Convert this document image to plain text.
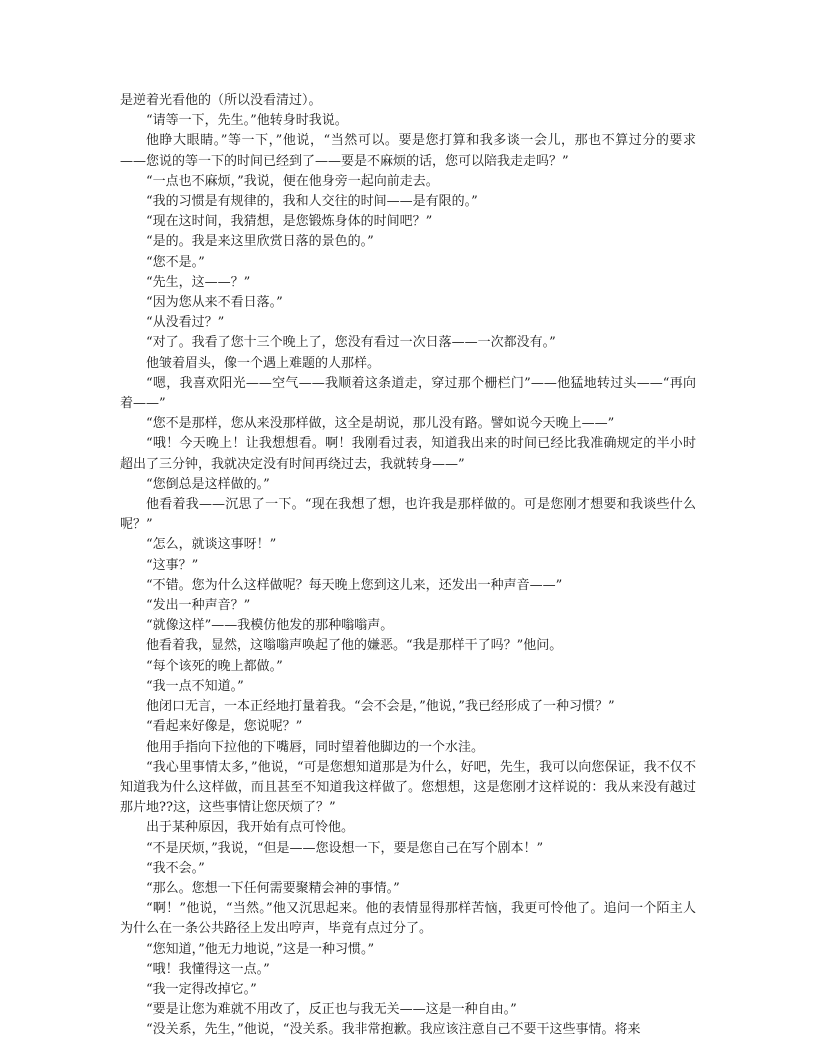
是逆着光看他的（所以没看清过）。

“请等一下，先生。”他转身时我说。

他睁大眼睛。”等一下，”他说，“当然可以。要是您打算和我多谈一会儿，那也不算过分的要求——您说的等一下的时间已经到了——要是不麻烦的话，您可以陪我走走吗？”

“一点也不麻烦，”我说，便在他身旁一起向前走去。

“我的习惯是有规律的，我和人交往的时间——是有限的。”

“现在这时间，我猜想，是您锻炼身体的时间吧？”

“是的。我是来这里欣赏日落的景色的。”

“您不是。”

“先生，这——？”

“因为您从来不看日落。”

“从没看过？”

“对了。我看了您十三个晚上了，您没有看过一次日落——一次都没有。”

他皱着眉头，像一个遇上难题的人那样。

“嗯，我喜欢阳光——空气——我顺着这条道走，穿过那个栅栏门”——他猛地转过头——“再向着——”

“您不是那样，您从来没那样做，这全是胡说，那儿没有路。譬如说今天晚上——”

“哦！今天晚上！让我想想看。啊！我刚看过表，知道我出来的时间已经比我准确规定的半小时超出了三分钟，我就决定没有时间再绕过去，我就转身——”

“您倒总是这样做的。”

他看着我——沉思了一下。“现在我想了想，也许我是那样做的。可是您刚才想要和我谈些什么呢？”

“怎么，就谈这事呀！”

“这事？”

“不错。您为什么这样做呢？每天晚上您到这儿来，还发出一种声音——”

“发出一种声音？”

“就像这样”——我模仿他发的那种嗡嗡声。

他看着我，显然，这嗡嗡声唤起了他的嫌恶。“我是那样干了吗？”他问。

“每个该死的晚上都做。”

“我一点不知道。”

他闭口无言，一本正经地打量着我。“会不会是，”他说，”我已经形成了一种习惯？”

“看起来好像是，您说呢？”

他用手指向下拉他的下嘴唇，同时望着他脚边的一个水洼。

“我心里事情太多，”他说，“可是您想知道那是为什么，好吧，先生，我可以向您保证，我不仅不知道我为什么这样做，而且甚至不知道我这样做了。您想想，这是您刚才这样说的：我从来没有越过那片地??这，这些事情让您厌烦了？”

出于某种原因，我开始有点可怜他。

“不是厌烦，”我说，“但是——您设想一下，要是您自己在写个剧本！”

“我不会。”

“那么。您想一下任何需要聚精会神的事情。”

“啊！”他说，“当然。”他又沉思起来。他的表情显得那样苦恼，我更可怜他了。追问一个陌主人为什么在一条公共路径上发出哼声，毕竟有点过分了。

“您知道，”他无力地说，”这是一种习惯。”

“哦！我懂得这一点。”

“我一定得改掉它。”

“要是让您为难就不用改了，反正也与我无关——这是一种自由。”

“没关系，先生，”他说，“没关系。我非常抱歉。我应该注意自己不要干这些事情。将来
